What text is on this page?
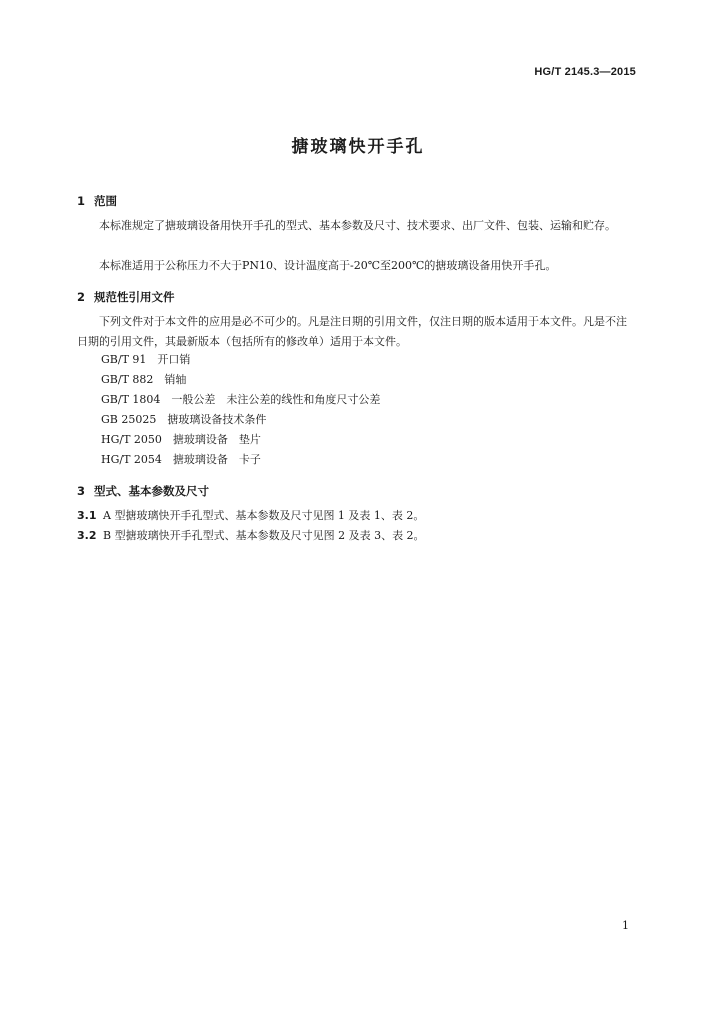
HG/T 2145.3—2015
搪玻璃快开手孔
1 范围
本标准规定了搪玻璃设备用快开手孔的型式、基本参数及尺寸、技术要求、出厂文件、包装、运输和贮存。
本标准适用于公称压力不大于PN10、设计温度高于-20℃至200℃的搪玻璃设备用快开手孔。
2 规范性引用文件
下列文件对于本文件的应用是必不可少的。凡是注日期的引用文件，仅注日期的版本适用于本文件。凡是不注日期的引用文件，其最新版本（包括所有的修改单）适用于本文件。
GB/T 91　开口销
GB/T 882　销轴
GB/T 1804　一般公差　未注公差的线性和角度尺寸公差
GB 25025　搪玻璃设备技术条件
HG/T 2050　搪玻璃设备　垫片
HG/T 2054　搪玻璃设备　卡子
3 型式、基本参数及尺寸
3.1 A 型搪玻璃快开手孔型式、基本参数及尺寸见图 1 及表 1、表 2。
3.2 B 型搪玻璃快开手孔型式、基本参数及尺寸见图 2 及表 3、表 2。
1
